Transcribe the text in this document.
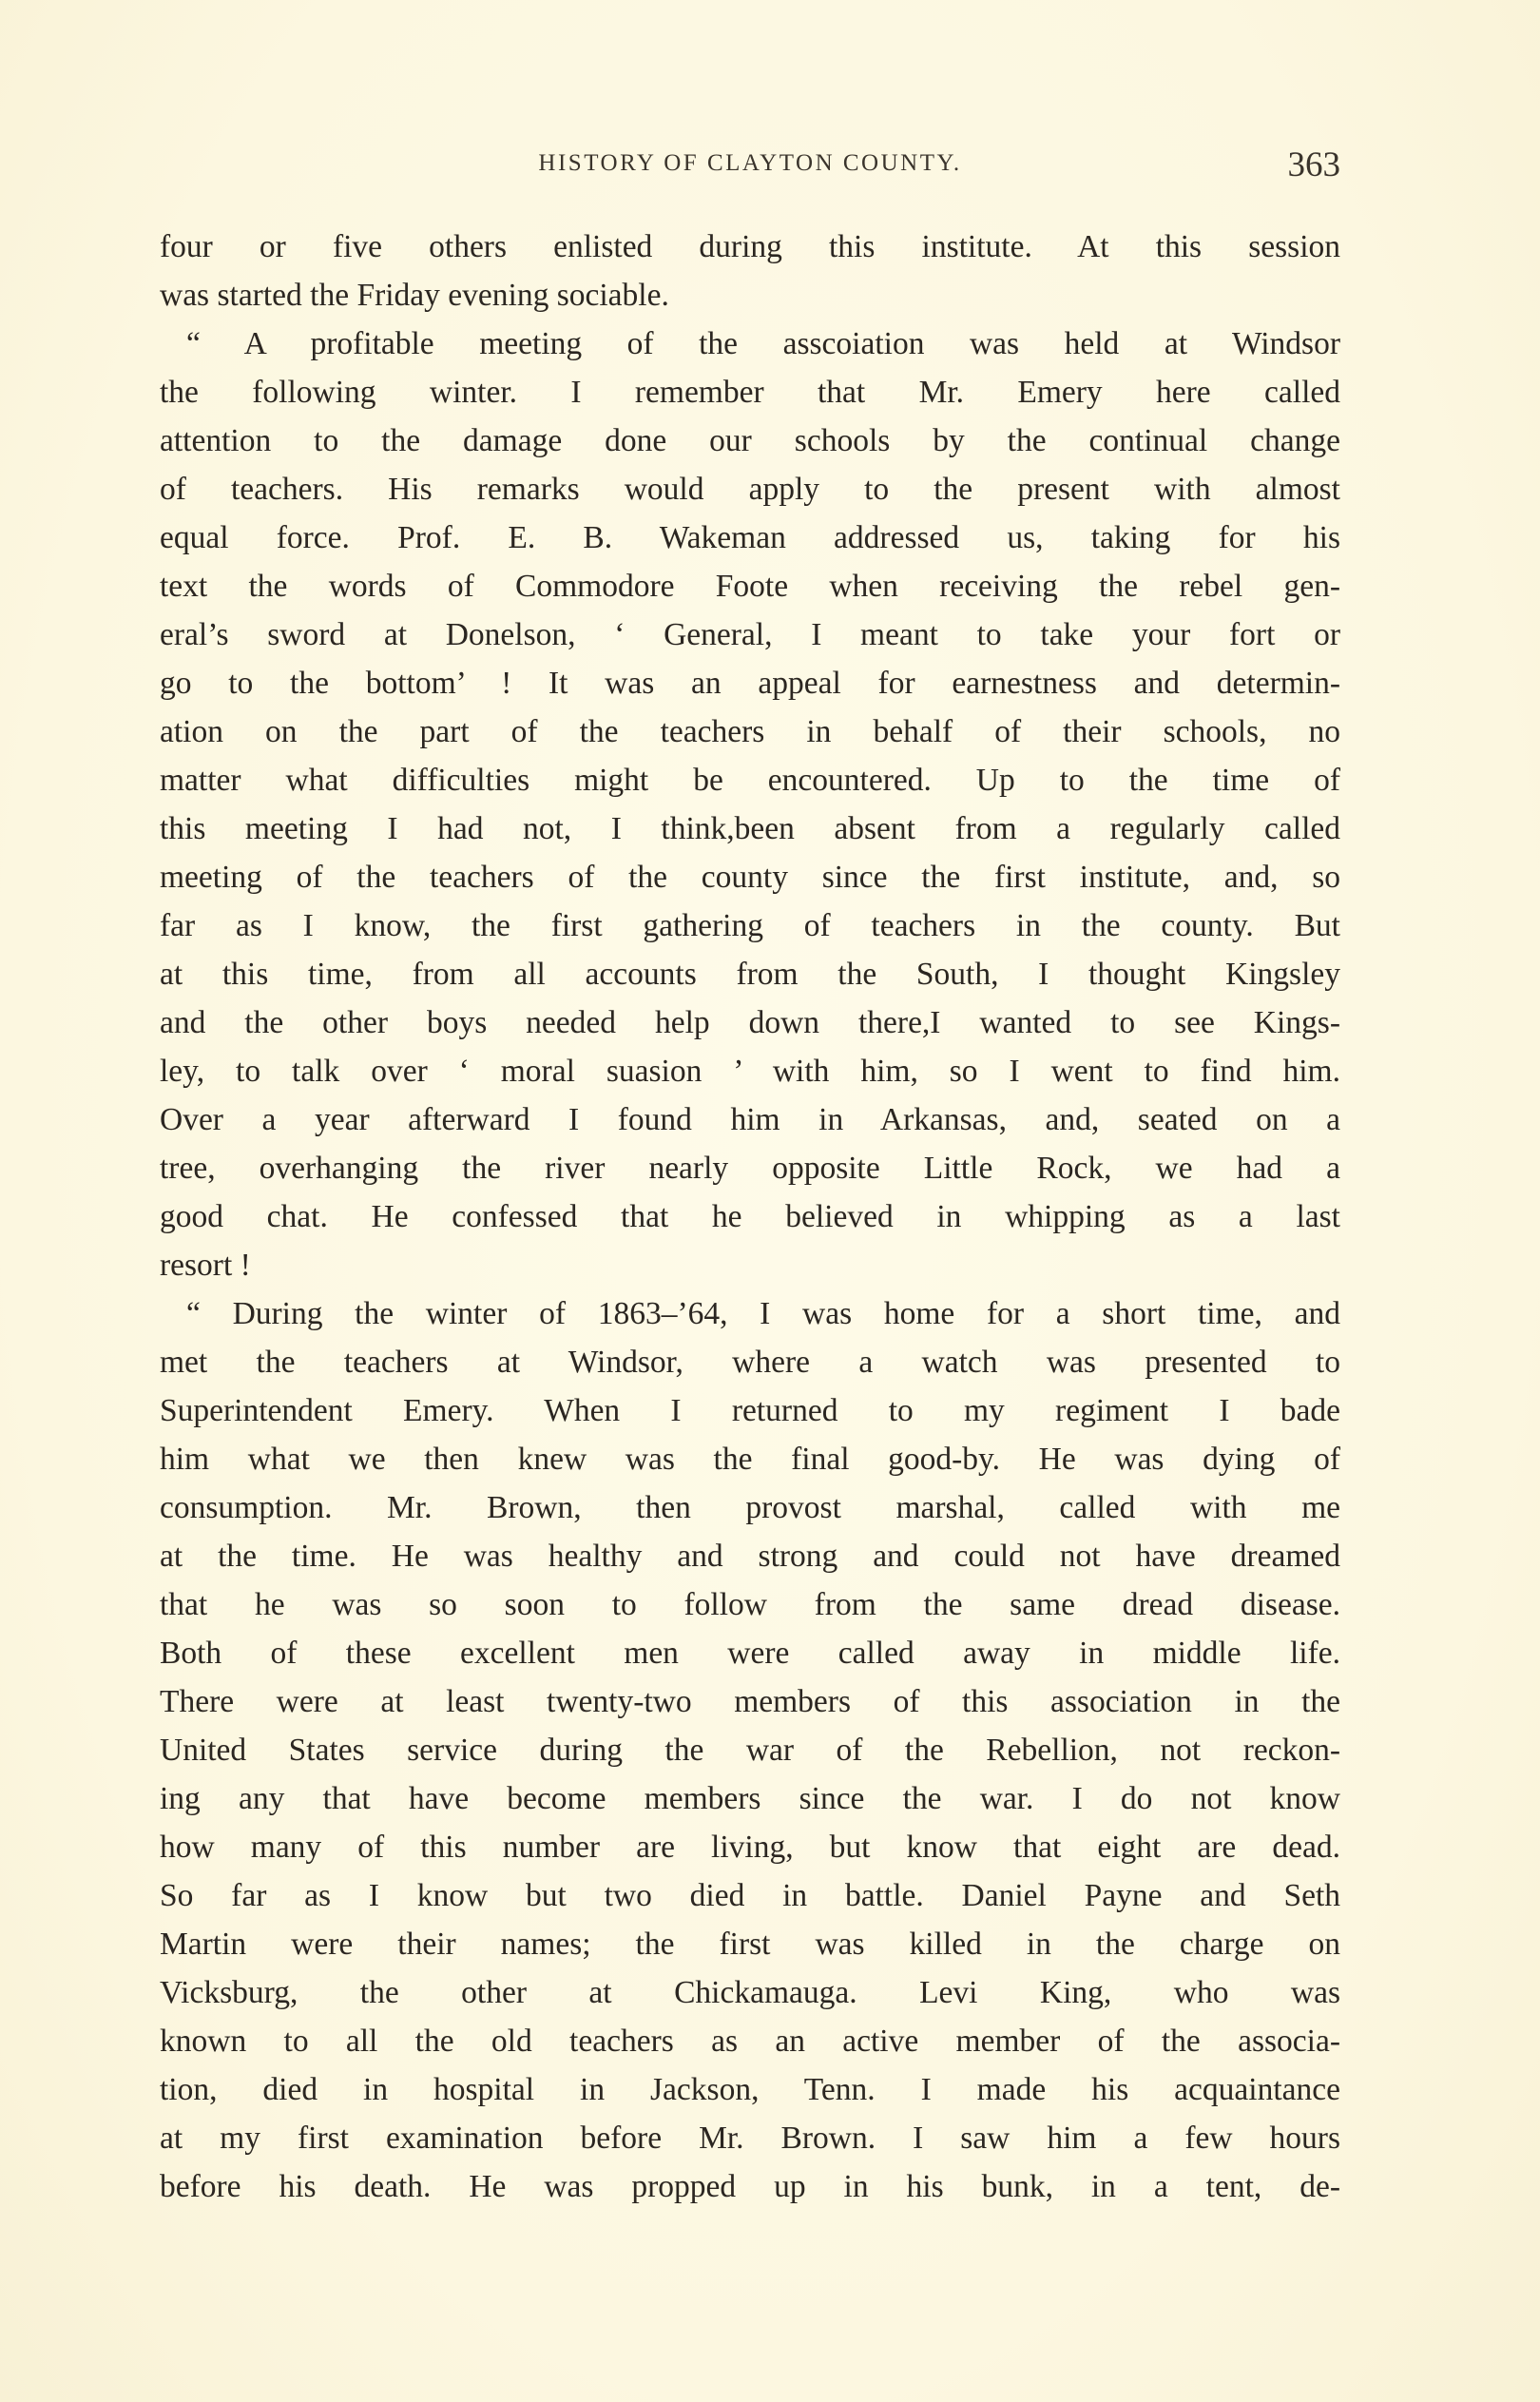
HISTORY OF CLAYTON COUNTY.	363
four or five others enlisted during this institute. At this session
was started the Friday evening sociable.
“ A profitable meeting of the asscoiation was held at Windsor
the following winter. I remember that Mr. Emery here called
attention to the damage done our schools by the continual change
of teachers. His remarks would apply to the present with almost
equal force. Prof. E. B. Wakeman addressed us, taking for his
text the words of Commodore Foote when receiving the rebel gen-
eral’s sword at Donelson, ‘ General, I meant to take your fort or
go to the bottom’ ! It was an appeal for earnestness and determin-
ation on the part of the teachers in behalf of their schools, no
matter what difficulties might be encountered. Up to the time of
this meeting I had not, I think,been absent from a regularly called
meeting of the teachers of the county since the first institute, and, so
far as I know, the first gathering of teachers in the county. But
at this time, from all accounts from the South, I thought Kingsley
and the other boys needed help down there,I wanted to see Kings-
ley, to talk over ‘ moral suasion ’ with him, so I went to find him.
Over a year afterward I found him in Arkansas, and, seated on a
tree, overhanging the river nearly opposite Little Rock, we had a
good chat. He confessed that he believed in whipping as a last
resort !
“ During the winter of 1863–’64, I was home for a short time, and
met the teachers at Windsor, where a watch was presented to
Superintendent Emery. When I returned to my regiment I bade
him what we then knew was the final good-by. He was dying of
consumption. Mr. Brown, then provost marshal, called with me
at the time. He was healthy and strong and could not have dreamed
that he was so soon to follow from the same dread disease.
Both of these excellent men were called away in middle life.
There were at least twenty-two members of this association in the
United States service during the war of the Rebellion, not reckon-
ing any that have become members since the war. I do not know
how many of this number are living, but know that eight are dead.
So far as I know but two died in battle. Daniel Payne and Seth
Martin were their names; the first was killed in the charge on
Vicksburg, the other at Chickamauga. Levi King, who was
known to all the old teachers as an active member of the associa-
tion, died in hospital in Jackson, Tenn. I made his acquaintance
at my first examination before Mr. Brown. I saw him a few hours
before his death. He was propped up in his bunk, in a tent, de-
